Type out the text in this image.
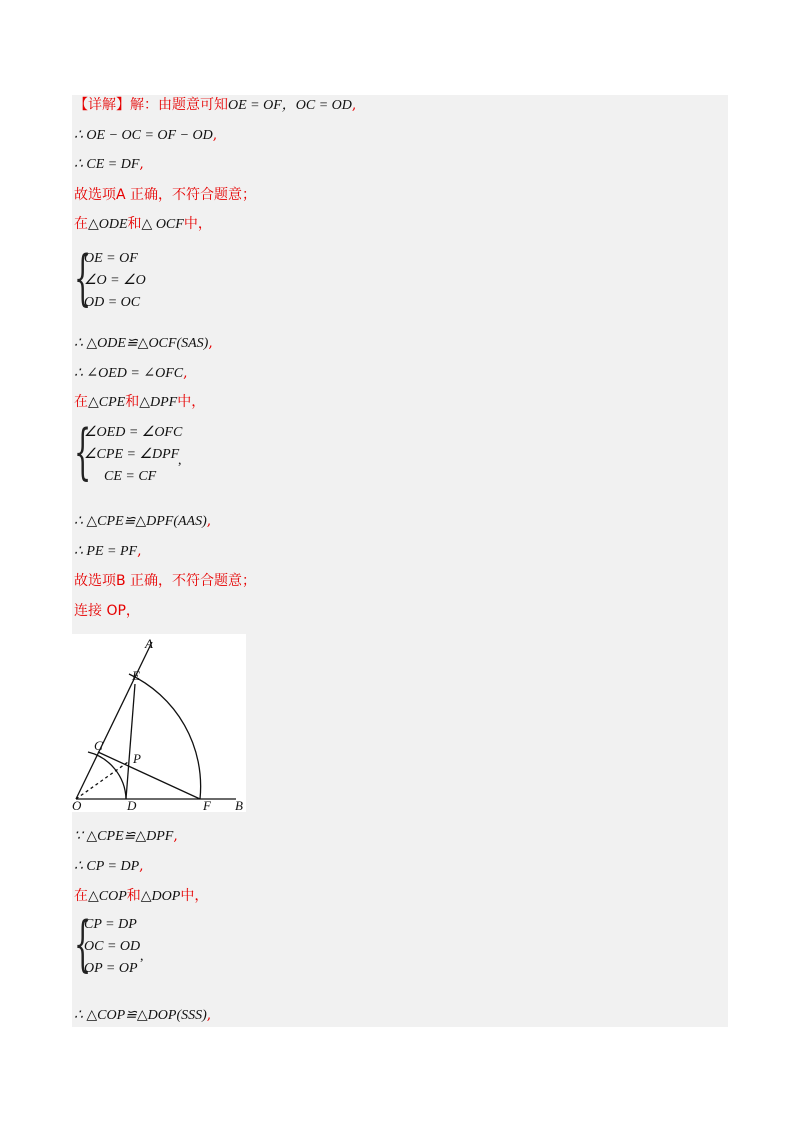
【详解】解：由题意可知OE = OF，OC = OD,
∴ OE − OC = OF − OD,
∴ CE = DF,
故选项A 正确，不符合题意；
在△ODE和△ OCF中，
{
OE = OF
∠O = ∠O
OD = OC
∴ △ODE≌△OCF(SAS),
∴ ∠OED = ∠OFC,
在△CPE和△DPF中，
{
∠OED = ∠OFC
∠CPE = ∠DPF
CE = CF
,
∴ △CPE≌△DPF(AAS),
∴ PE = PF,
故选项B 正确，不符合题意；
连接 OP，
A
E
C
P
O	D	F B
∵ △CPE≌△DPF,
∴ CP = DP,
在△COP和△DOP中，
{
CP = DP
OC = OD
OP = OP
,
∴ △COP≌△DOP(SSS),
